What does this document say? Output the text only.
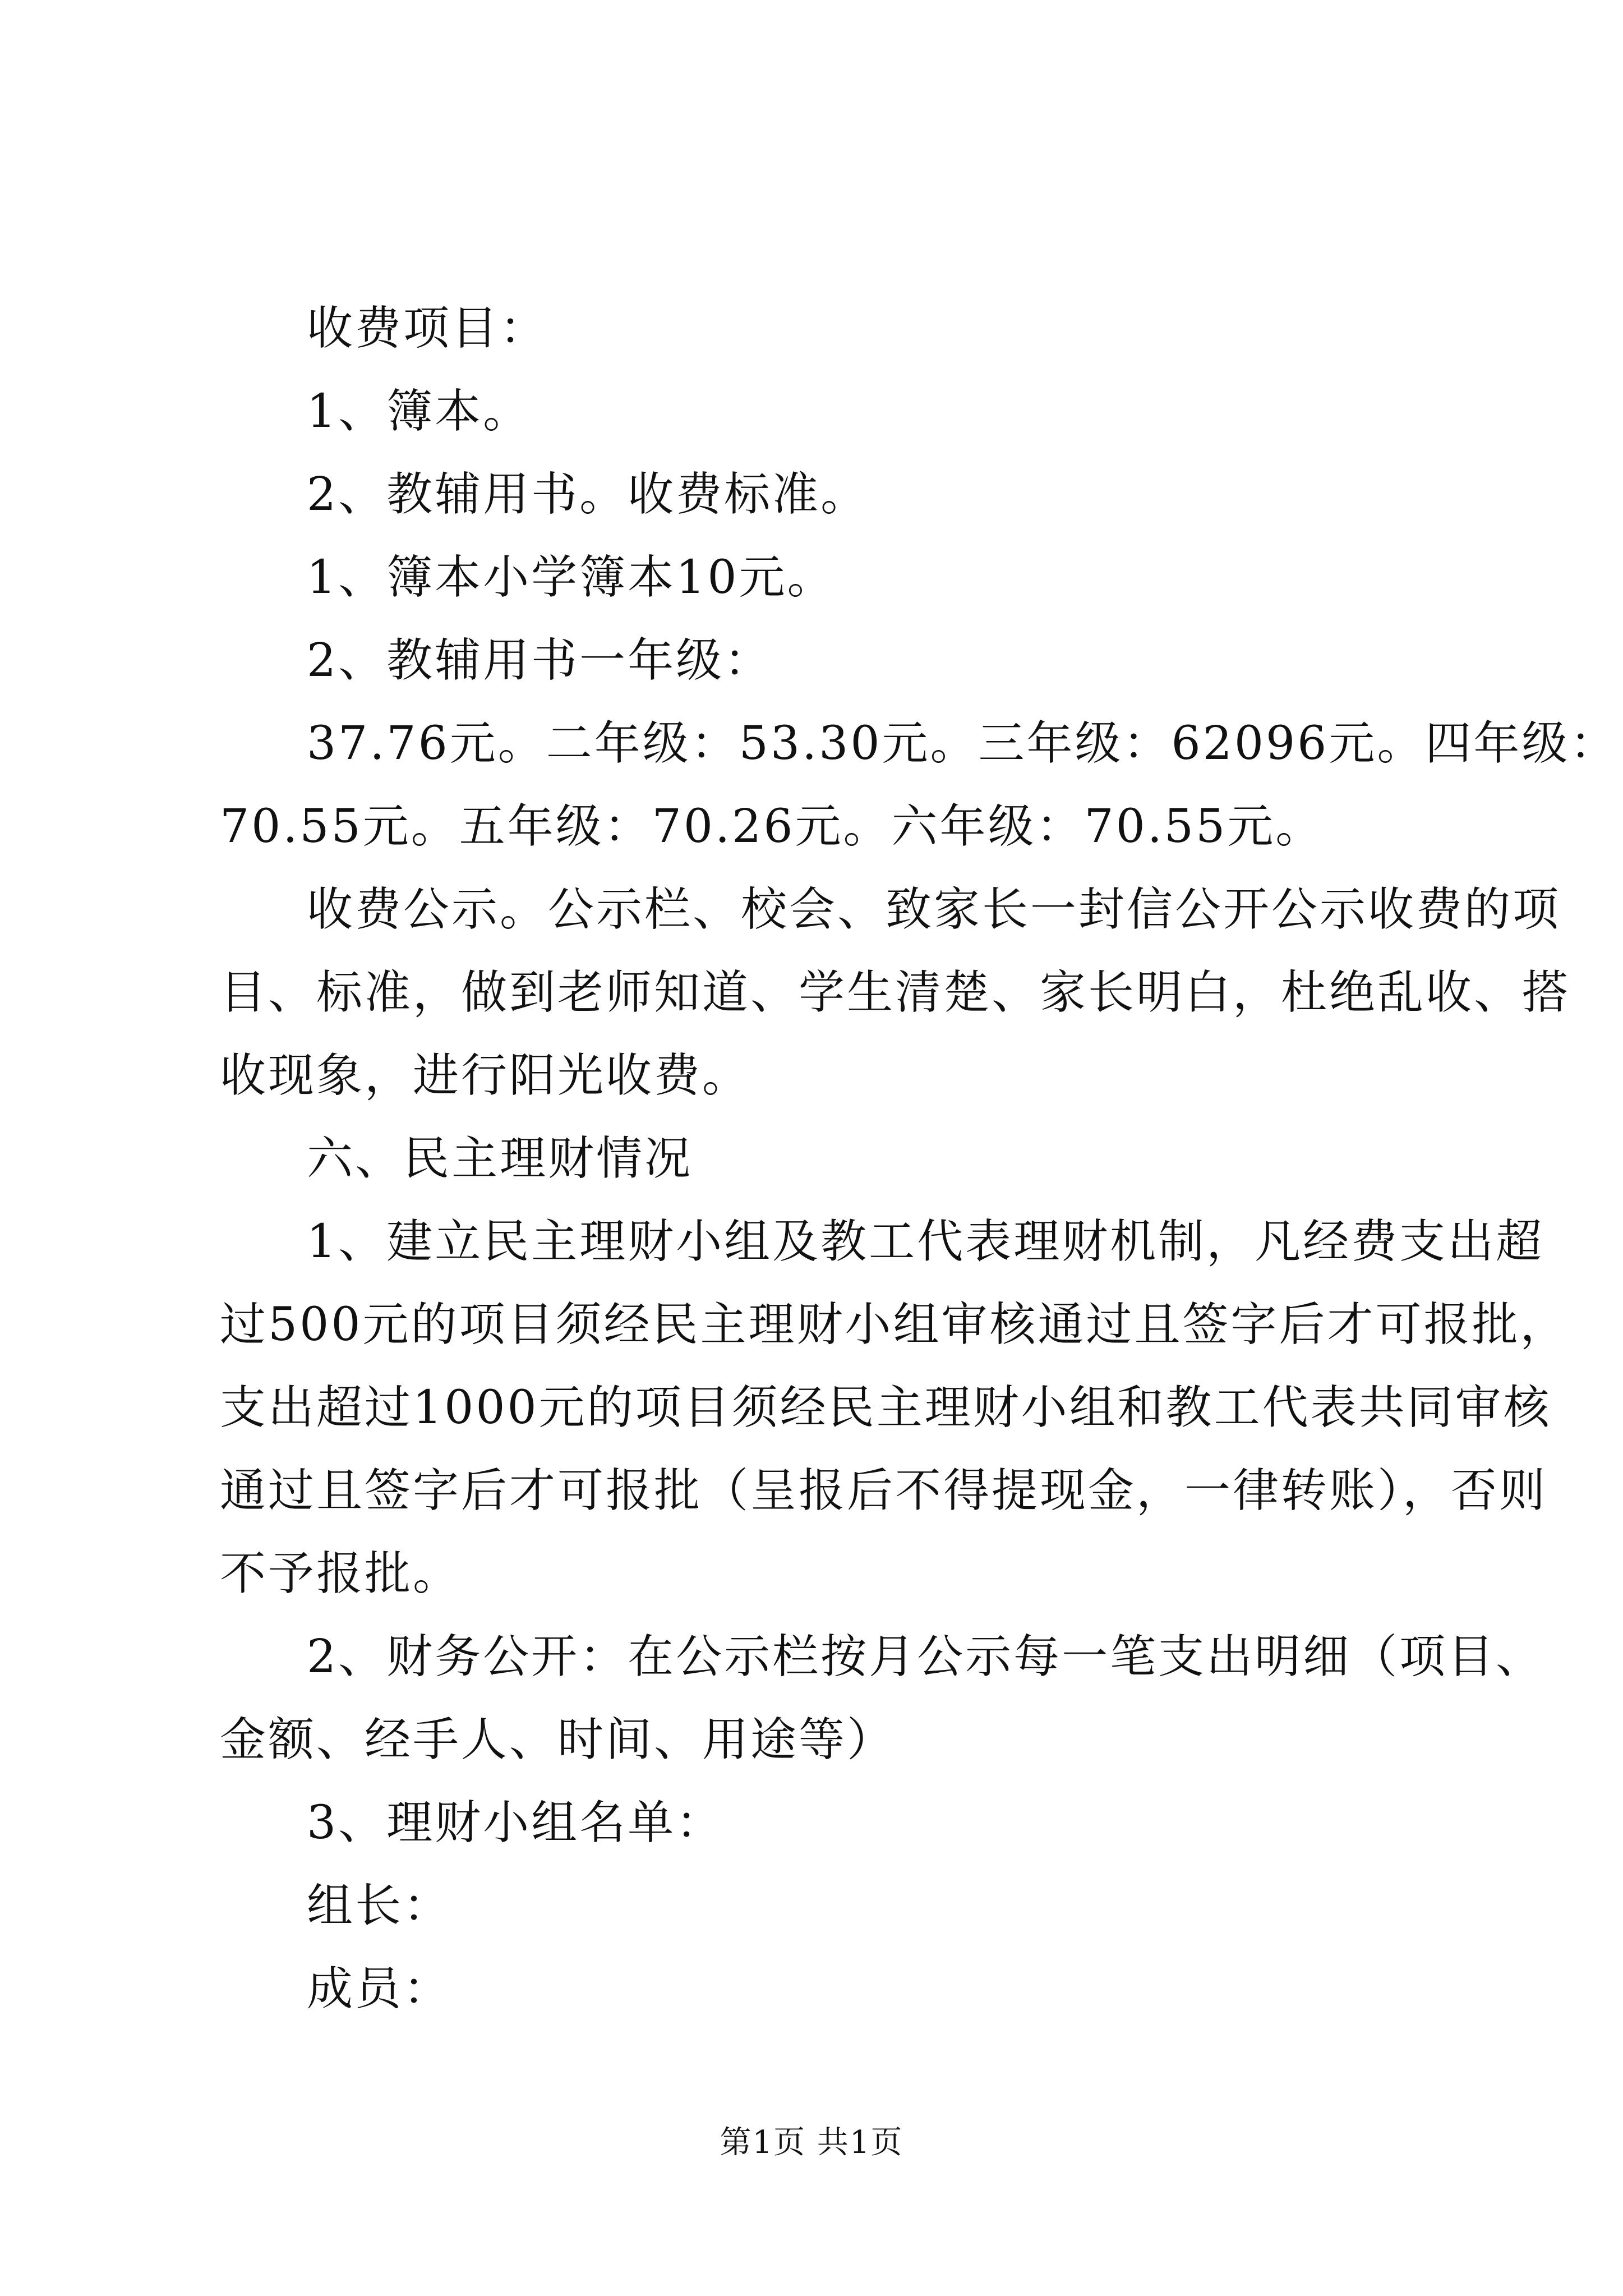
收费项目：

1、簿本。

2、教辅用书。收费标准。

1、簿本小学簿本10元。

2、教辅用书一年级：

37.76元。二年级：53.30元。三年级：62096元。四年级：

70.55元。五年级：70.26元。六年级：70.55元。

收费公示。公示栏、校会、致家长一封信公开公示收费的项

目、标准，做到老师知道、学生清楚、家长明白，杜绝乱收、搭

收现象，进行阳光收费。

六、民主理财情况

1、建立民主理财小组及教工代表理财机制，凡经费支出超

过500元的项目须经民主理财小组审核通过且签字后才可报批，

支出超过1000元的项目须经民主理财小组和教工代表共同审核

通过且签字后才可报批（呈报后不得提现金，一律转账），否则

不予报批。

2、财务公开：在公示栏按月公示每一笔支出明细（项目、

金额、经手人、时间、用途等）

3、理财小组名单：

组长：

成员：

第1页 共1页
